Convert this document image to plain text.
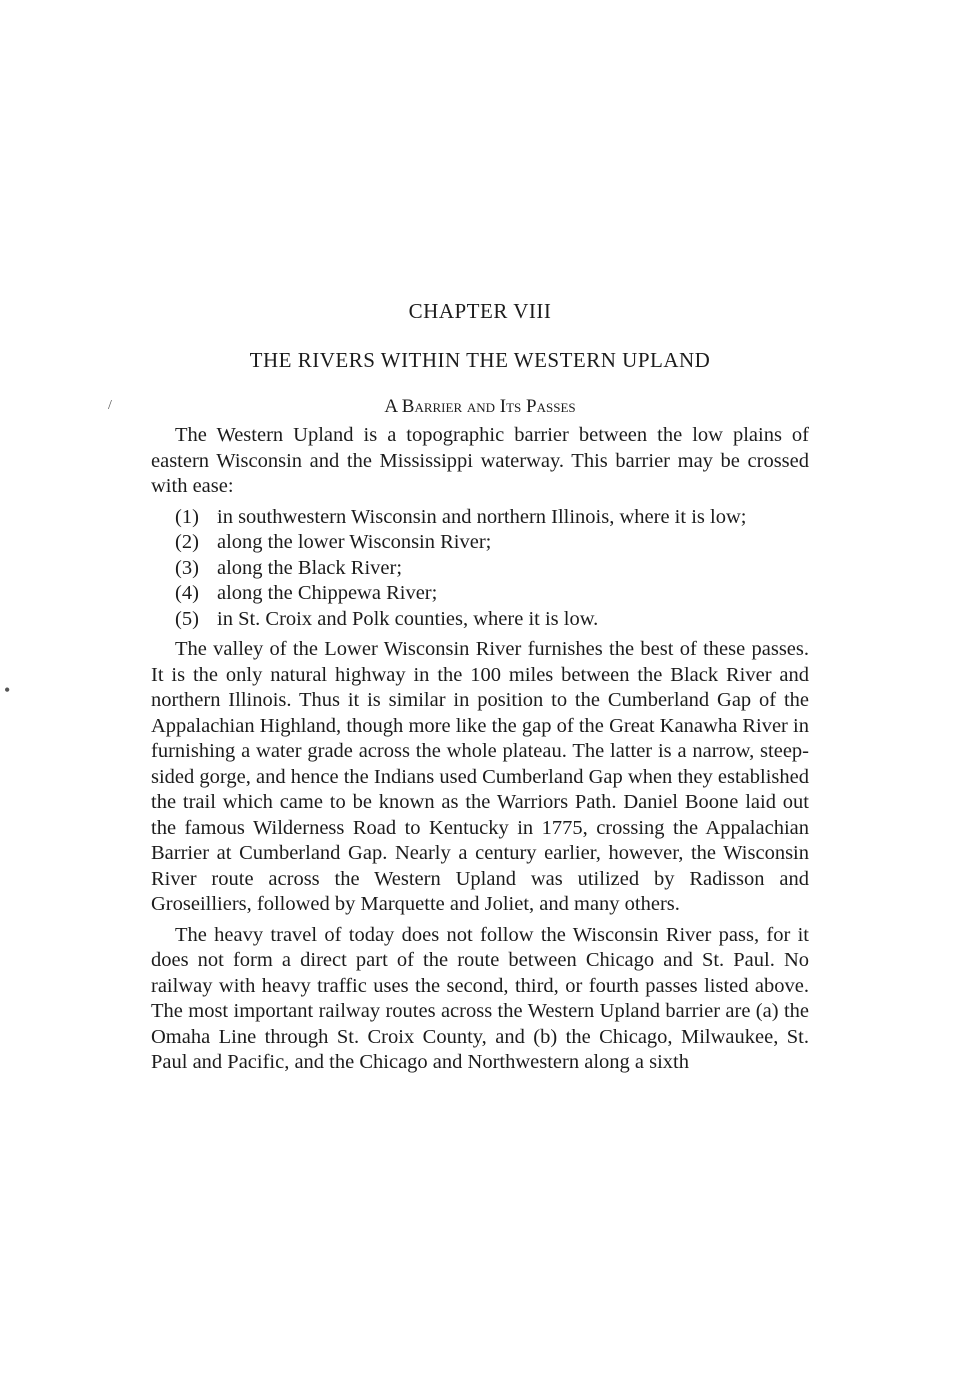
/
•
CHAPTER VIII
THE RIVERS WITHIN THE WESTERN UPLAND
A Barrier and Its Passes

The Western Upland is a topographic barrier between the low plains of eastern Wisconsin and the Mississippi waterway. This barrier may be crossed with ease:

(1) in southwestern Wisconsin and northern Illinois, where it is low;
(2) along the lower Wisconsin River;
(3) along the Black River;
(4) along the Chippewa River;
(5) in St. Croix and Polk counties, where it is low.

The valley of the Lower Wisconsin River furnishes the best of these passes. It is the only natural highway in the 100 miles between the Black River and northern Illinois. Thus it is similar in position to the Cumberland Gap of the Appalachian Highland, though more like the gap of the Great Kanawha River in furnishing a water grade across the whole plateau. The latter is a narrow, steep-sided gorge, and hence the Indians used Cumberland Gap when they established the trail which came to be known as the Warriors Path. Daniel Boone laid out the famous Wilderness Road to Kentucky in 1775, crossing the Appalachian Barrier at Cumberland Gap. Nearly a century earlier, however, the Wisconsin River route across the Western Upland was utilized by Radisson and Groseilliers, followed by Marquette and Joliet, and many others.

The heavy travel of today does not follow the Wisconsin River pass, for it does not form a direct part of the route between Chicago and St. Paul. No railway with heavy traffic uses the second, third, or fourth passes listed above. The most important railway routes across the Western Upland barrier are (a) the Omaha Line through St. Croix County, and (b) the Chicago, Milwaukee, St. Paul and Pacific, and the Chicago and Northwestern along a sixth
